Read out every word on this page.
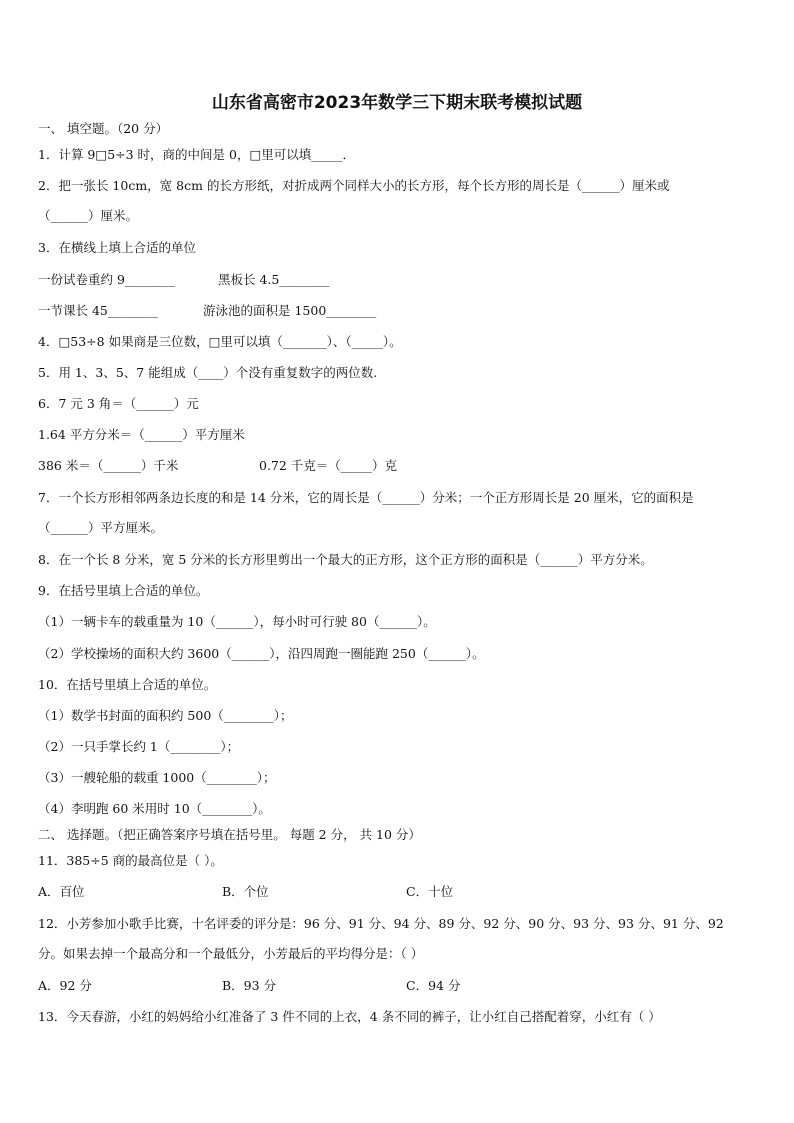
山东省高密市2023年数学三下期末联考模拟试题
一、 填空题。（20 分）
1．计算 9□5÷3 时，商的中间是 0，□里可以填_____．
2．把一张长 10cm，宽 8cm 的长方形纸，对折成两个同样大小的长方形，每个长方形的周长是（______）厘米或
（______）厘米。
3．在横线上填上合适的单位
一份试卷重约 9________	黑板长 4.5________
一节课长 45________	游泳池的面积是 1500________
4．□53÷8 如果商是三位数，□里可以填（_______）、（_____）。
5．用 1、3、5、7 能组成（____）个没有重复数字的两位数.
6．7 元 3 角＝（______）元
1.64 平方分米＝（______）平方厘米
386 米＝（______）千米	0.72 千克＝（_____）克
7．一个长方形相邻两条边长度的和是 14 分米，它的周长是（______）分米；一个正方形周长是 20 厘米，它的面积是
（______）平方厘米。
8．在一个长 8 分米，宽 5 分米的长方形里剪出一个最大的正方形，这个正方形的面积是（______）平方分米。
9．在括号里填上合适的单位。
（1）一辆卡车的载重量为 10（______），每小时可行驶 80（______）。
（2）学校操场的面积大约 3600（______），沿四周跑一圈能跑 250（______）。
10．在括号里填上合适的单位。
（1）数学书封面的面积约 500（________）；
（2）一只手掌长约 1（________）；
（3）一艘轮船的载重 1000（________）；
（4）李明跑 60 米用时 10（________）。
二、 选择题。（把正确答案序号填在括号里。 每题 2 分， 共 10 分）
11．385÷5 商的最高位是（ ）。
A．百位	B．个位	C．十位
12．小芳参加小歌手比赛，十名评委的评分是：96 分、91 分、94 分、89 分、92 分、90 分、93 分、93 分、91 分、92
分。如果去掉一个最高分和一个最低分，小芳最后的平均得分是：（ ）
A．92 分	B．93 分	C．94 分
13．今天春游，小红的妈妈给小红准备了 3 件不同的上衣，4 条不同的裤子，让小红自己搭配着穿，小红有（ ）
